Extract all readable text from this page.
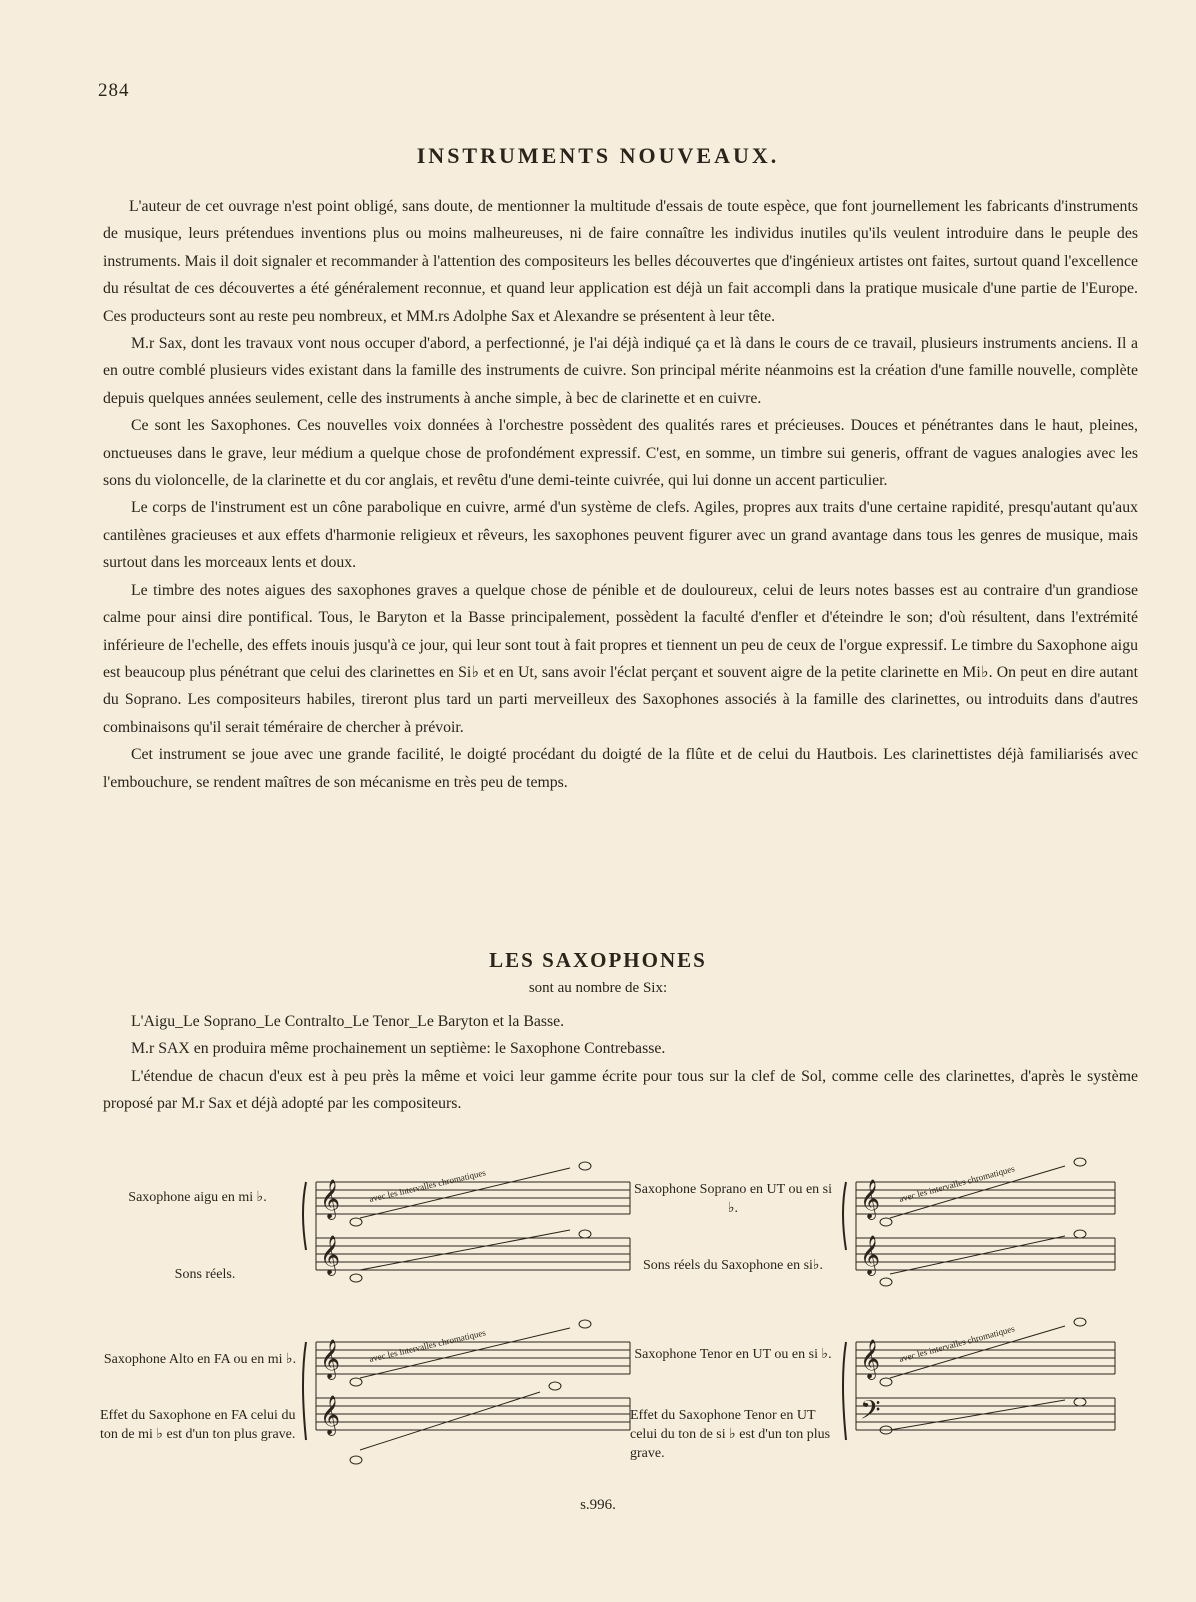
284
INSTRUMENTS NOUVEAUX.

L'auteur de cet ouvrage n'est point obligé, sans doute, de mentionner la multitude d'essais de toute espèce, que font journellement les fabricants d'instruments de musique, leurs prétendues inventions plus ou moins malheureuses, ni de faire connaître les individus inutiles qu'ils veulent introduire dans le peuple des instruments. Mais il doit signaler et recommander à l'attention des compositeurs les belles découvertes que d'ingénieux artistes ont faites, surtout quand l'excellence du résultat de ces découvertes a été généralement reconnue, et quand leur application est déjà un fait accompli dans la pratique musicale d'une partie de l'Europe. Ces producteurs sont au reste peu nombreux, et MM.rs Adolphe Sax et Alexandre se présentent à leur tête.

M.r Sax, dont les travaux vont nous occuper d'abord, a perfectionné, je l'ai déjà indiqué ça et là dans le cours de ce travail, plusieurs instruments anciens. Il a en outre comblé plusieurs vides existant dans la famille des instruments de cuivre. Son principal mérite néanmoins est la création d'une famille nouvelle, complète depuis quelques années seulement, celle des instruments à anche simple, à bec de clarinette et en cuivre.

Ce sont les Saxophones. Ces nouvelles voix données à l'orchestre possèdent des qualités rares et précieuses. Douces et pénétrantes dans le haut, pleines, onctueuses dans le grave, leur médium a quelque chose de profondément expressif. C'est, en somme, un timbre sui generis, offrant de vagues analogies avec les sons du violoncelle, de la clarinette et du cor anglais, et revêtu d'une demi-teinte cuivrée, qui lui donne un accent particulier.

Le corps de l'instrument est un cône parabolique en cuivre, armé d'un système de clefs. Agiles, propres aux traits d'une certaine rapidité, presqu'autant qu'aux cantilènes gracieuses et aux effets d'harmonie religieux et rêveurs, les saxophones peuvent figurer avec un grand avantage dans tous les genres de musique, mais surtout dans les morceaux lents et doux.

Le timbre des notes aigues des saxophones graves a quelque chose de pénible et de douloureux, celui de leurs notes basses est au contraire d'un grandiose calme pour ainsi dire pontifical. Tous, le Baryton et la Basse principalement, possèdent la faculté d'enfler et d'éteindre le son; d'où résultent, dans l'extrémité inférieure de l'echelle, des effets inouis jusqu'à ce jour, qui leur sont tout à fait propres et tiennent un peu de ceux de l'orgue expressif. Le timbre du Saxophone aigu est beaucoup plus pénétrant que celui des clarinettes en Si♭ et en Ut, sans avoir l'éclat perçant et souvent aigre de la petite clarinette en Mi♭. On peut en dire autant du Soprano. Les compositeurs habiles, tireront plus tard un parti merveilleux des Saxophones associés à la famille des clarinettes, ou introduits dans d'autres combinaisons qu'il serait téméraire de chercher à prévoir.

Cet instrument se joue avec une grande facilité, le doigté procédant du doigté de la flûte et de celui du Hautbois. Les clarinettistes déjà familiarisés avec l'embouchure, se rendent maîtres de son mécanisme en très peu de temps.

LES SAXOPHONES
sont au nombre de Six:

L'Aigu_Le Soprano_Le Contralto_Le Tenor_Le Baryton et la Basse.

M.r SAX en produira même prochainement un septième: le Saxophone Contrebasse.

L'étendue de chacun d'eux est à peu près la même et voici leur gamme écrite pour tous sur la clef de Sol, comme celle des clarinettes, d'après le système proposé par M.r Sax et déjà adopté par les compositeurs.

Saxophone aigu en mi ♭.
Sons réels.
Saxophone Soprano en UT ou en si ♭.
Sons réels du Saxophone en si♭.
Saxophone Alto en FA ou en mi ♭.
Effet du Saxophone en FA celui du ton de mi ♭ est d'un ton plus grave.
Saxophone Tenor en UT ou en si ♭.
Effet du Saxophone Tenor en UT celui du ton de si ♭ est d'un ton plus grave.
𝄞
𝄞
avec les intervalles chromatiques	𝄞
𝄞
avec les intervalles chromatiques
𝄞
𝄞
avec les intervalles chromatiques	𝄞
𝄢
avec les intervalles chromatiques
s.996.
